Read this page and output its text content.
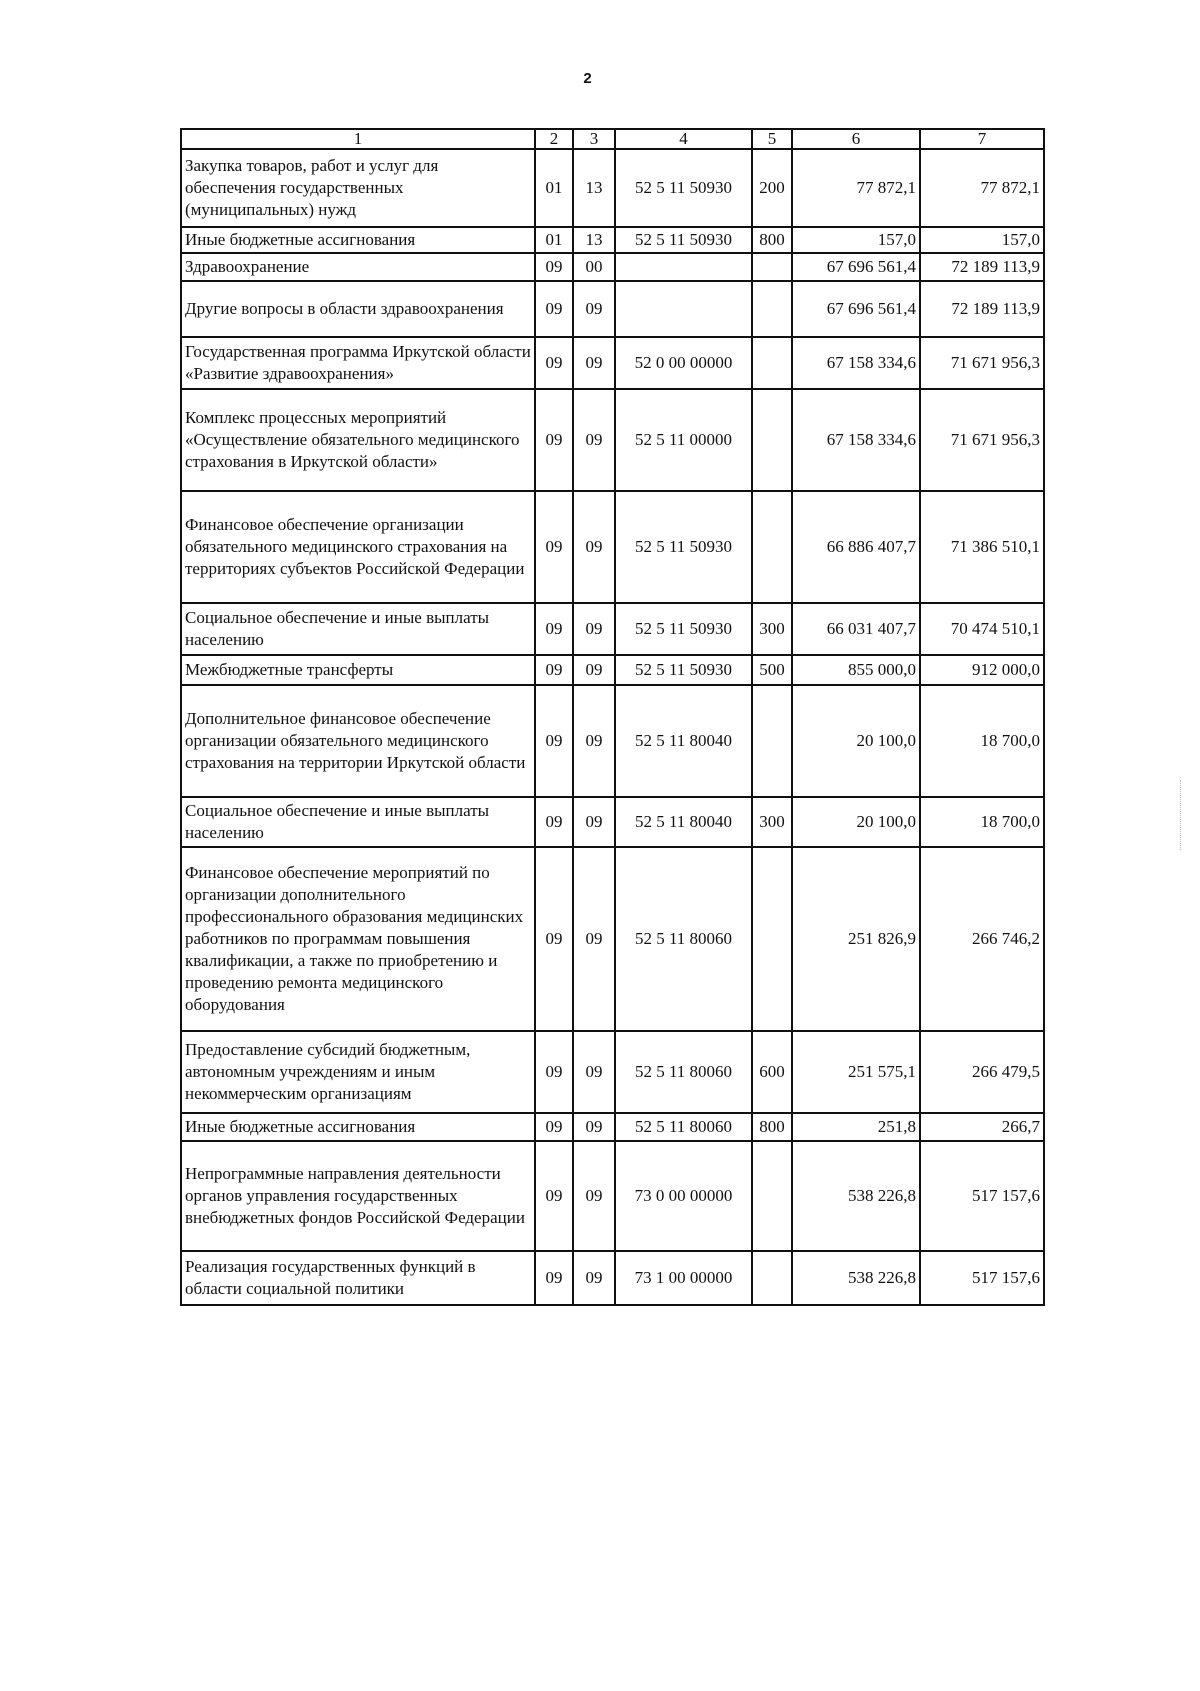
2
1	2	3	4	5	6	7
Закупка товаров, работ и услуг для обеспечения государственных (муниципальных) нужд	01	13	52 5 11 50930	200	77 872,1	77 872,1
Иные бюджетные ассигнования	01	13	52 5 11 50930	800	157,0	157,0
Здравоохранение	09	00			67 696 561,4	72 189 113,9
Другие вопросы в области здравоохранения	09	09			67 696 561,4	72 189 113,9
Государственная программа Иркутской области «Развитие здравоохранения»	09	09	52 0 00 00000		67 158 334,6	71 671 956,3
Комплекс процессных мероприятий «Осуществление обязательного медицинского страхования в Иркутской области»	09	09	52 5 11 00000		67 158 334,6	71 671 956,3
Финансовое обеспечение организации обязательного медицинского страхования на территориях субъектов Российской Федерации	09	09	52 5 11 50930		66 886 407,7	71 386 510,1
Социальное обеспечение и иные выплаты населению	09	09	52 5 11 50930	300	66 031 407,7	70 474 510,1
Межбюджетные трансферты	09	09	52 5 11 50930	500	855 000,0	912 000,0
Дополнительное финансовое обеспечение организации обязательного медицинского страхования на территории Иркутской области	09	09	52 5 11 80040		20 100,0	18 700,0
Социальное обеспечение и иные выплаты населению	09	09	52 5 11 80040	300	20 100,0	18 700,0
Финансовое обеспечение мероприятий по организации дополнительного профессионального образования медицинских работников по программам повышения квалификации, а также по приобретению и проведению ремонта медицинского оборудования	09	09	52 5 11 80060		251 826,9	266 746,2
Предоставление субсидий бюджетным, автономным учреждениям и иным некоммерческим организациям	09	09	52 5 11 80060	600	251 575,1	266 479,5
Иные бюджетные ассигнования	09	09	52 5 11 80060	800	251,8	266,7
Непрограммные направления деятельности органов управления государственных внебюджетных фондов Российской Федерации	09	09	73 0 00 00000		538 226,8	517 157,6
Реализация государственных функций в области социальной политики	09	09	73 1 00 00000		538 226,8	517 157,6
